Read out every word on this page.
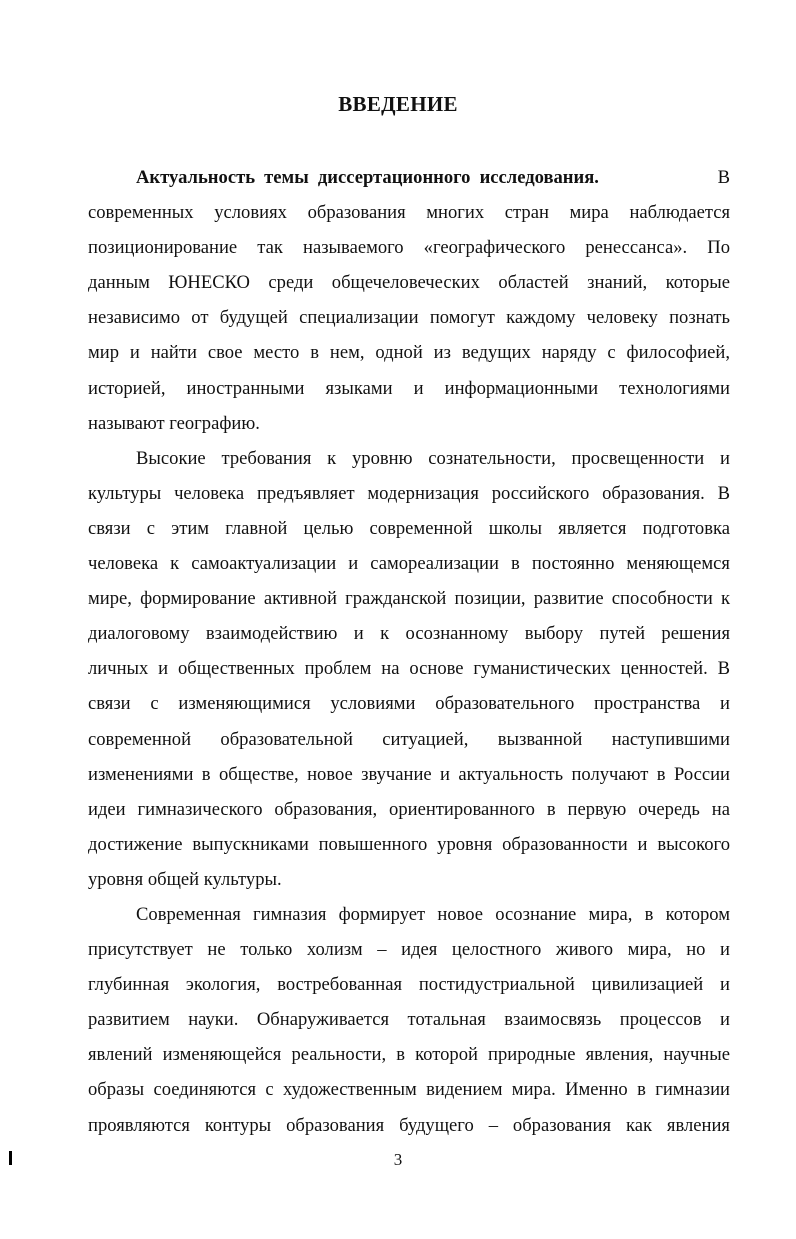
ВВЕДЕНИЕ

Актуальность темы диссертационного исследования.	В
современных условиях образования многих стран мира наблюдается
позиционирование так называемого «географического ренессанса». По
данным ЮНЕСКО среди общечеловеческих областей знаний, которые
независимо от будущей специализации помогут каждому человеку познать
мир и найти свое место в нем, одной из ведущих наряду с философией,
историей, иностранными языками и информационными технологиями
называют географию.

Высокие требования к уровню сознательности, просвещенности и
культуры человека предъявляет модернизация российского образования. В
связи с этим главной целью современной школы является подготовка
человека к самоактуализации и самореализации в постоянно меняющемся
мире, формирование активной гражданской позиции, развитие способности к
диалоговому взаимодействию и к осознанному выбору путей решения
личных и общественных проблем на основе гуманистических ценностей. В
связи с изменяющимися условиями образовательного пространства и
современной образовательной ситуацией, вызванной наступившими
изменениями в обществе, новое звучание и актуальность получают в России
идеи гимназического образования, ориентированного в первую очередь на
достижение выпускниками повышенного уровня образованности и высокого
уровня общей культуры.

Современная гимназия формирует новое осознание мира, в котором
присутствует не только холизм – идея целостного живого мира, но и
глубинная экология, востребованная постидустриальной цивилизацией и
развитием науки. Обнаруживается тотальная взаимосвязь процессов и
явлений изменяющейся реальности, в которой природные явления, научные
образы соединяются с художественным видением мира. Именно в гимназии
проявляются контуры образования будущего – образования как явления

3
